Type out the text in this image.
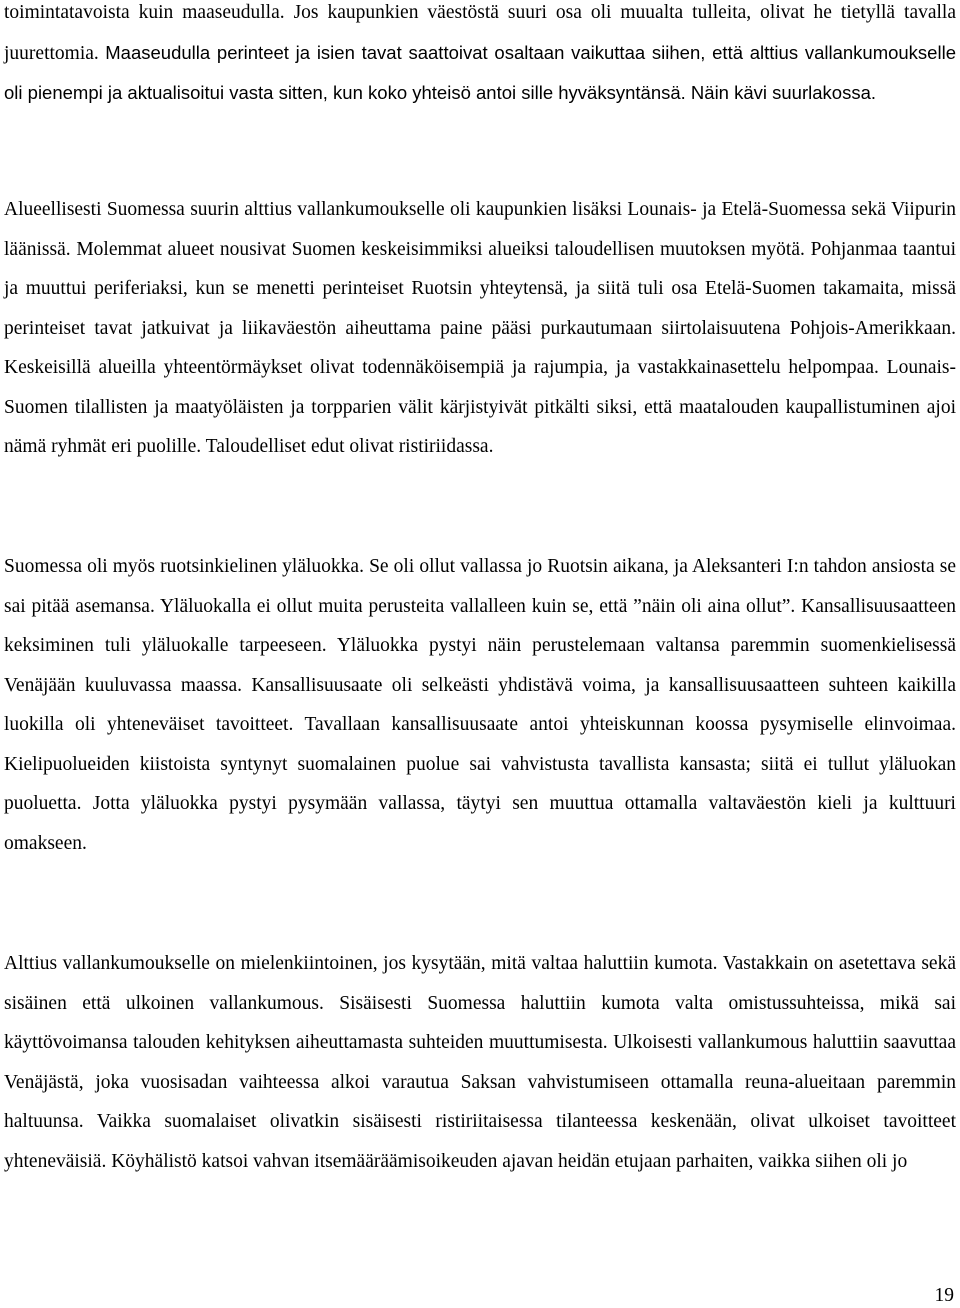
toimintatavoista kuin maaseudulla. Jos kaupunkien väestöstä suuri osa oli muualta tulleita, olivat he tietyllä tavalla juurettomia. Maaseudulla perinteet ja isien tavat saattoivat osaltaan vaikuttaa siihen, että alttius vallankumoukselle oli pienempi ja aktualisoitui vasta sitten, kun koko yhteisö antoi sille hyväksyntänsä. Näin kävi suurlakossa.

Alueellisesti Suomessa suurin alttius vallankumoukselle oli kaupunkien lisäksi Lounais- ja Etelä-Suomessa sekä Viipurin läänissä. Molemmat alueet nousivat Suomen keskeisimmiksi alueiksi taloudellisen muutoksen myötä. Pohjanmaa taantui ja muuttui periferiaksi, kun se menetti perinteiset Ruotsin yhteytensä, ja siitä tuli osa Etelä-Suomen takamaita, missä perinteiset tavat jatkuivat ja liikaväestön aiheuttama paine pääsi purkautumaan siirtolaisuutena Pohjois-Amerikkaan. Keskeisillä alueilla yhteentörmäykset olivat todennäköisempiä ja rajumpia, ja vastakkainasettelu helpompaa. Lounais-Suomen tilallisten ja maatyöläisten ja torpparien välit kärjistyivät pitkälti siksi, että maatalouden kaupallistuminen ajoi nämä ryhmät eri puolille. Taloudelliset edut olivat ristiriidassa.

Suomessa oli myös ruotsinkielinen yläluokka. Se oli ollut vallassa jo Ruotsin aikana, ja Aleksanteri I:n tahdon ansiosta se sai pitää asemansa. Yläluokalla ei ollut muita perusteita vallalleen kuin se, että ”näin oli aina ollut”. Kansallisuusaatteen keksiminen tuli yläluokalle tarpeeseen. Yläluokka pystyi näin perustelemaan valtansa paremmin suomenkielisessä Venäjään kuuluvassa maassa. Kansallisuusaate oli selkeästi yhdistävä voima, ja kansallisuusaatteen suhteen kaikilla luokilla oli yhteneväiset tavoitteet. Tavallaan kansallisuusaate antoi yhteiskunnan koossa pysymiselle elinvoimaa. Kielipuolueiden kiistoista syntynyt suomalainen puolue sai vahvistusta tavallista kansasta; siitä ei tullut yläluokan puoluetta. Jotta yläluokka pystyi pysymään vallassa, täytyi sen muuttua ottamalla valtaväestön kieli ja kulttuuri omakseen.

Alttius vallankumoukselle on mielenkiintoinen, jos kysytään, mitä valtaa haluttiin kumota. Vastakkain on asetettava sekä sisäinen että ulkoinen vallankumous. Sisäisesti Suomessa haluttiin kumota valta omistussuhteissa, mikä sai käyttövoimansa talouden kehityksen aiheuttamasta suhteiden muuttumisesta. Ulkoisesti vallankumous haluttiin saavuttaa Venäjästä, joka vuosisadan vaihteessa alkoi varautua Saksan vahvistumiseen ottamalla reuna-alueitaan paremmin haltuunsa. Vaikka suomalaiset olivatkin sisäisesti ristiriitaisessa tilanteessa keskenään, olivat ulkoiset tavoitteet yhteneväisiä. Köyhälistö katsoi vahvan itsemääräämisoikeuden ajavan heidän etujaan parhaiten, vaikka siihen oli jo

19
